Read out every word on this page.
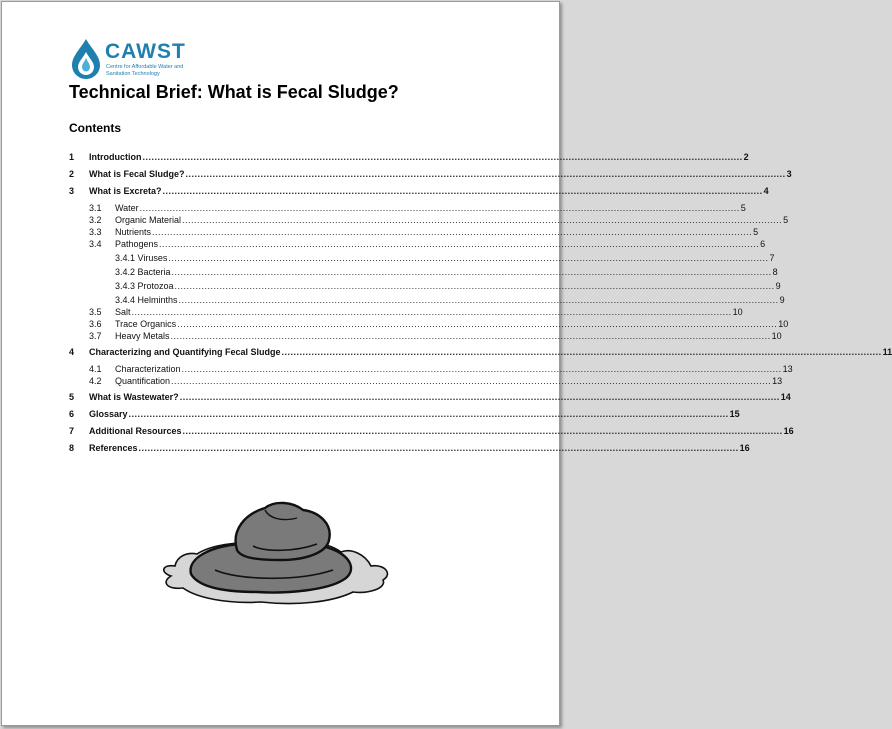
CAWST
Centre for Affordable Water and Sanitation Technology
Technical Brief: What is Fecal Sludge?
Contents
1	Introduction ........................................................................................................................................................................................................ 2
2	What is Fecal Sludge? ........................................................................................................................................................................................................ 3
3	What is Excreta? ........................................................................................................................................................................................................ 4
3.1	Water ........................................................................................................................................................................................................ 5
3.2	Organic Material ........................................................................................................................................................................................................ 5
3.3	Nutrients ........................................................................................................................................................................................................ 5
3.4	Pathogens ........................................................................................................................................................................................................ 6
3.4.1 Viruses ........................................................................................................................................................................................................ 7
3.4.2 Bacteria ........................................................................................................................................................................................................ 8
3.4.3 Protozoa ........................................................................................................................................................................................................ 9
3.4.4 Helminths ........................................................................................................................................................................................................ 9
3.5	Salt ........................................................................................................................................................................................................ 10
3.6	Trace Organics ........................................................................................................................................................................................................ 10
3.7	Heavy Metals ........................................................................................................................................................................................................ 10
4	Characterizing and Quantifying Fecal Sludge ........................................................................................................................................................................................................ 11
4.1	Characterization ........................................................................................................................................................................................................ 13
4.2	Quantification ........................................................................................................................................................................................................ 13
5	What is Wastewater? ........................................................................................................................................................................................................ 14
6	Glossary ........................................................................................................................................................................................................ 15
7	Additional Resources ........................................................................................................................................................................................................ 16
8	References ........................................................................................................................................................................................................ 16
